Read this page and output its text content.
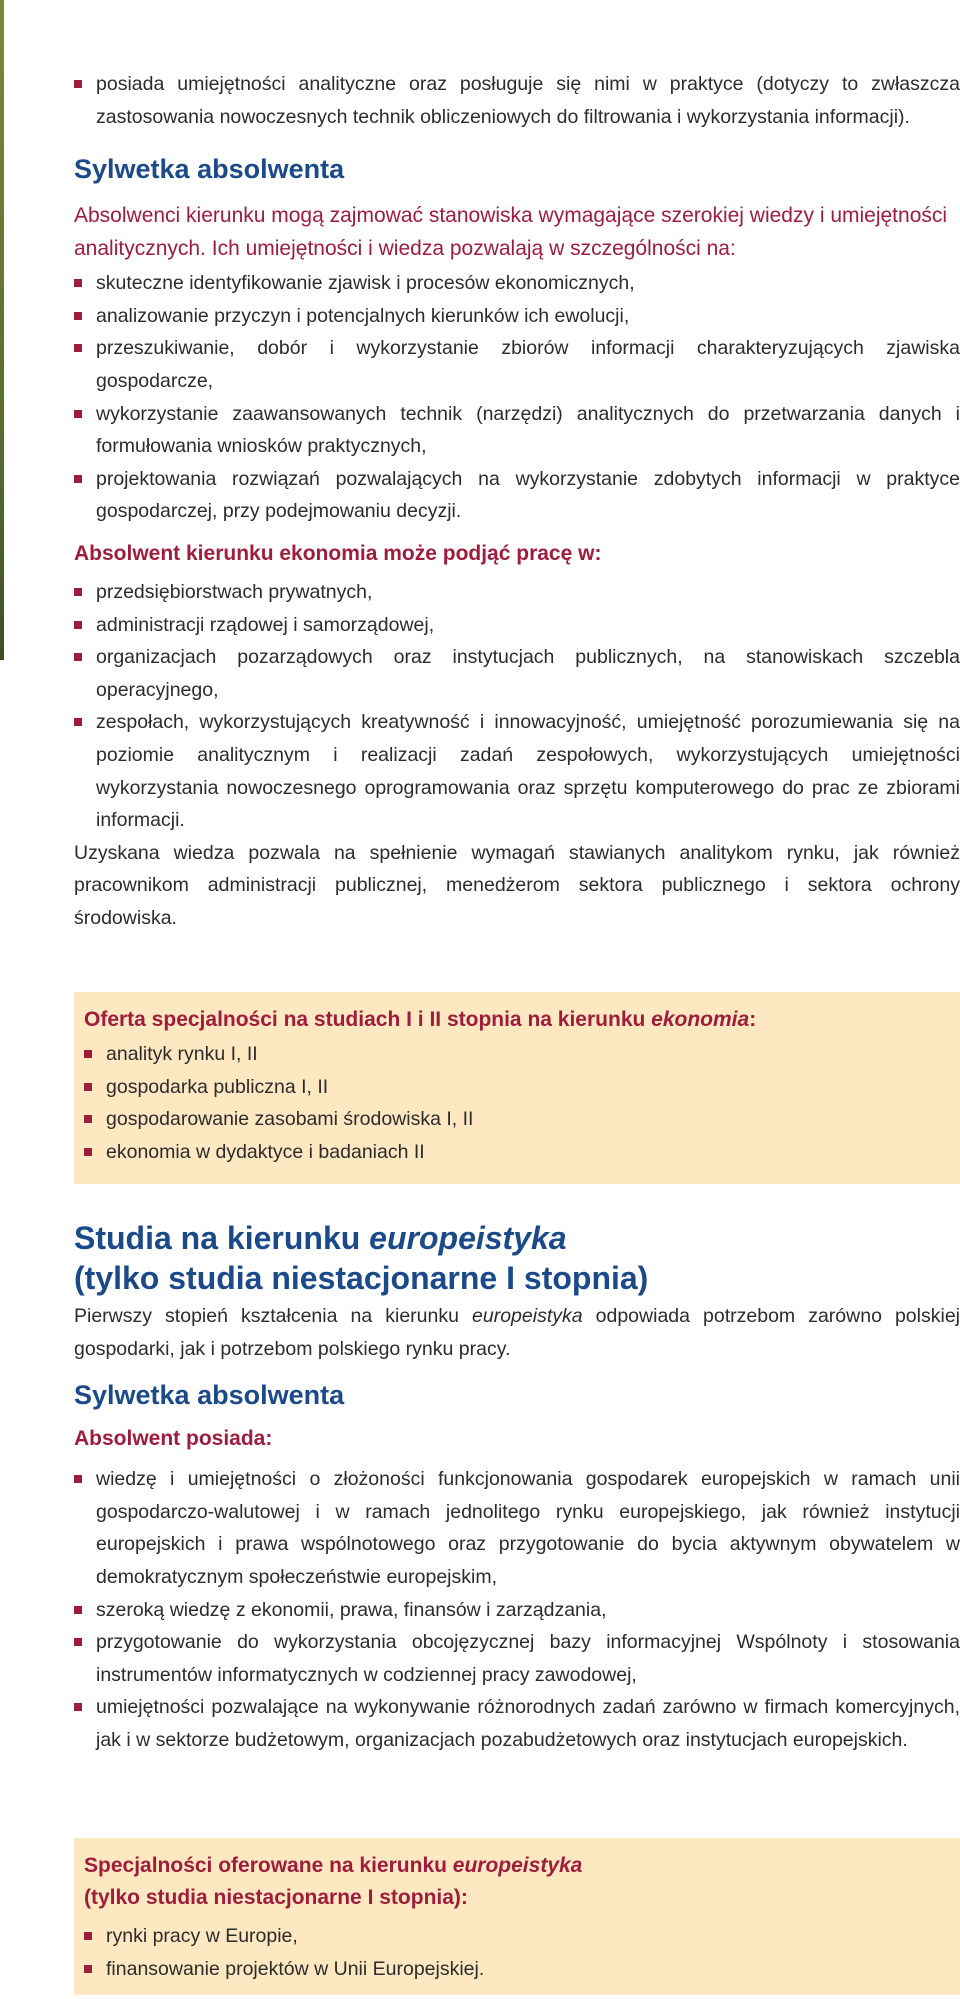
posiada umiejętności analityczne oraz posługuje się nimi w praktyce (dotyczy to zwłaszcza zastosowania nowoczesnych technik obliczeniowych do filtrowania i wykorzystania informacji).
Sylwetka absolwenta

Absolwenci kierunku mogą zajmować stanowiska wymagające szerokiej wiedzy i umiejętności analitycznych. Ich umiejętności i wiedza pozwalają w szczególności na:

skuteczne identyfikowanie zjawisk i procesów ekonomicznych,
analizowanie przyczyn i potencjalnych kierunków ich ewolucji,
przeszukiwanie, dobór i wykorzystanie zbiorów informacji charakteryzujących zjawiska gospodarcze,
wykorzystanie zaawansowanych technik (narzędzi) analitycznych do przetwarzania danych i formułowania wniosków praktycznych,
projektowania rozwiązań pozwalających na wykorzystanie zdobytych informacji w praktyce gospodarczej, przy podejmowaniu decyzji.
Absolwent kierunku ekonomia może podjąć pracę w:
przedsiębiorstwach prywatnych,
administracji rządowej i samorządowej,
organizacjach pozarządowych oraz instytucjach publicznych, na stanowiskach szczebla operacyjnego,
zespołach, wykorzystujących kreatywność i innowacyjność, umiejętność porozumiewania się na poziomie analitycznym i realizacji zadań zespołowych, wykorzystujących umiejętności wykorzystania nowoczesnego oprogramowania oraz sprzętu komputerowego do prac ze zbiorami informacji.

Uzyskana wiedza pozwala na spełnienie wymagań stawianych analitykom rynku, jak również pracownikom administracji publicznej, menedżerom sektora publicznego i sektora ochrony środowiska.

Oferta specjalności na studiach I i II stopnia na kierunku ekonomia:
analityk rynku I, II
gospodarka publiczna I, II
gospodarowanie zasobami środowiska I, II
ekonomia w dydaktyce i badaniach II
Studia na kierunku europeistyka
(tylko studia niestacjonarne I stopnia)

Pierwszy stopień kształcenia na kierunku europeistyka odpowiada potrzebom zarówno polskiej gospodarki, jak i potrzebom polskiego rynku pracy.

Sylwetka absolwenta
Absolwent posiada:
wiedzę i umiejętności o złożoności funkcjonowania gospodarek europejskich w ramach unii gospodarczo-walutowej i w ramach jednolitego rynku europejskiego, jak również instytucji europejskich i prawa wspólnotowego oraz przygotowanie do bycia aktywnym obywatelem w demokratycznym społeczeństwie europejskim,
szeroką wiedzę z ekonomii, prawa, finansów i zarządzania,
przygotowanie do wykorzystania obcojęzycznej bazy informacyjnej Wspólnoty i stosowania instrumentów informatycznych w codziennej pracy zawodowej,
umiejętności pozwalające na wykonywanie różnorodnych zadań zarówno w firmach komercyjnych, jak i w sektorze budżetowym, organizacjach pozabudżetowych oraz instytucjach europejskich.
Specjalności oferowane na kierunku europeistyka
(tylko studia niestacjonarne I stopnia):
rynki pracy w Europie,
finansowanie projektów w Unii Europejskiej.
